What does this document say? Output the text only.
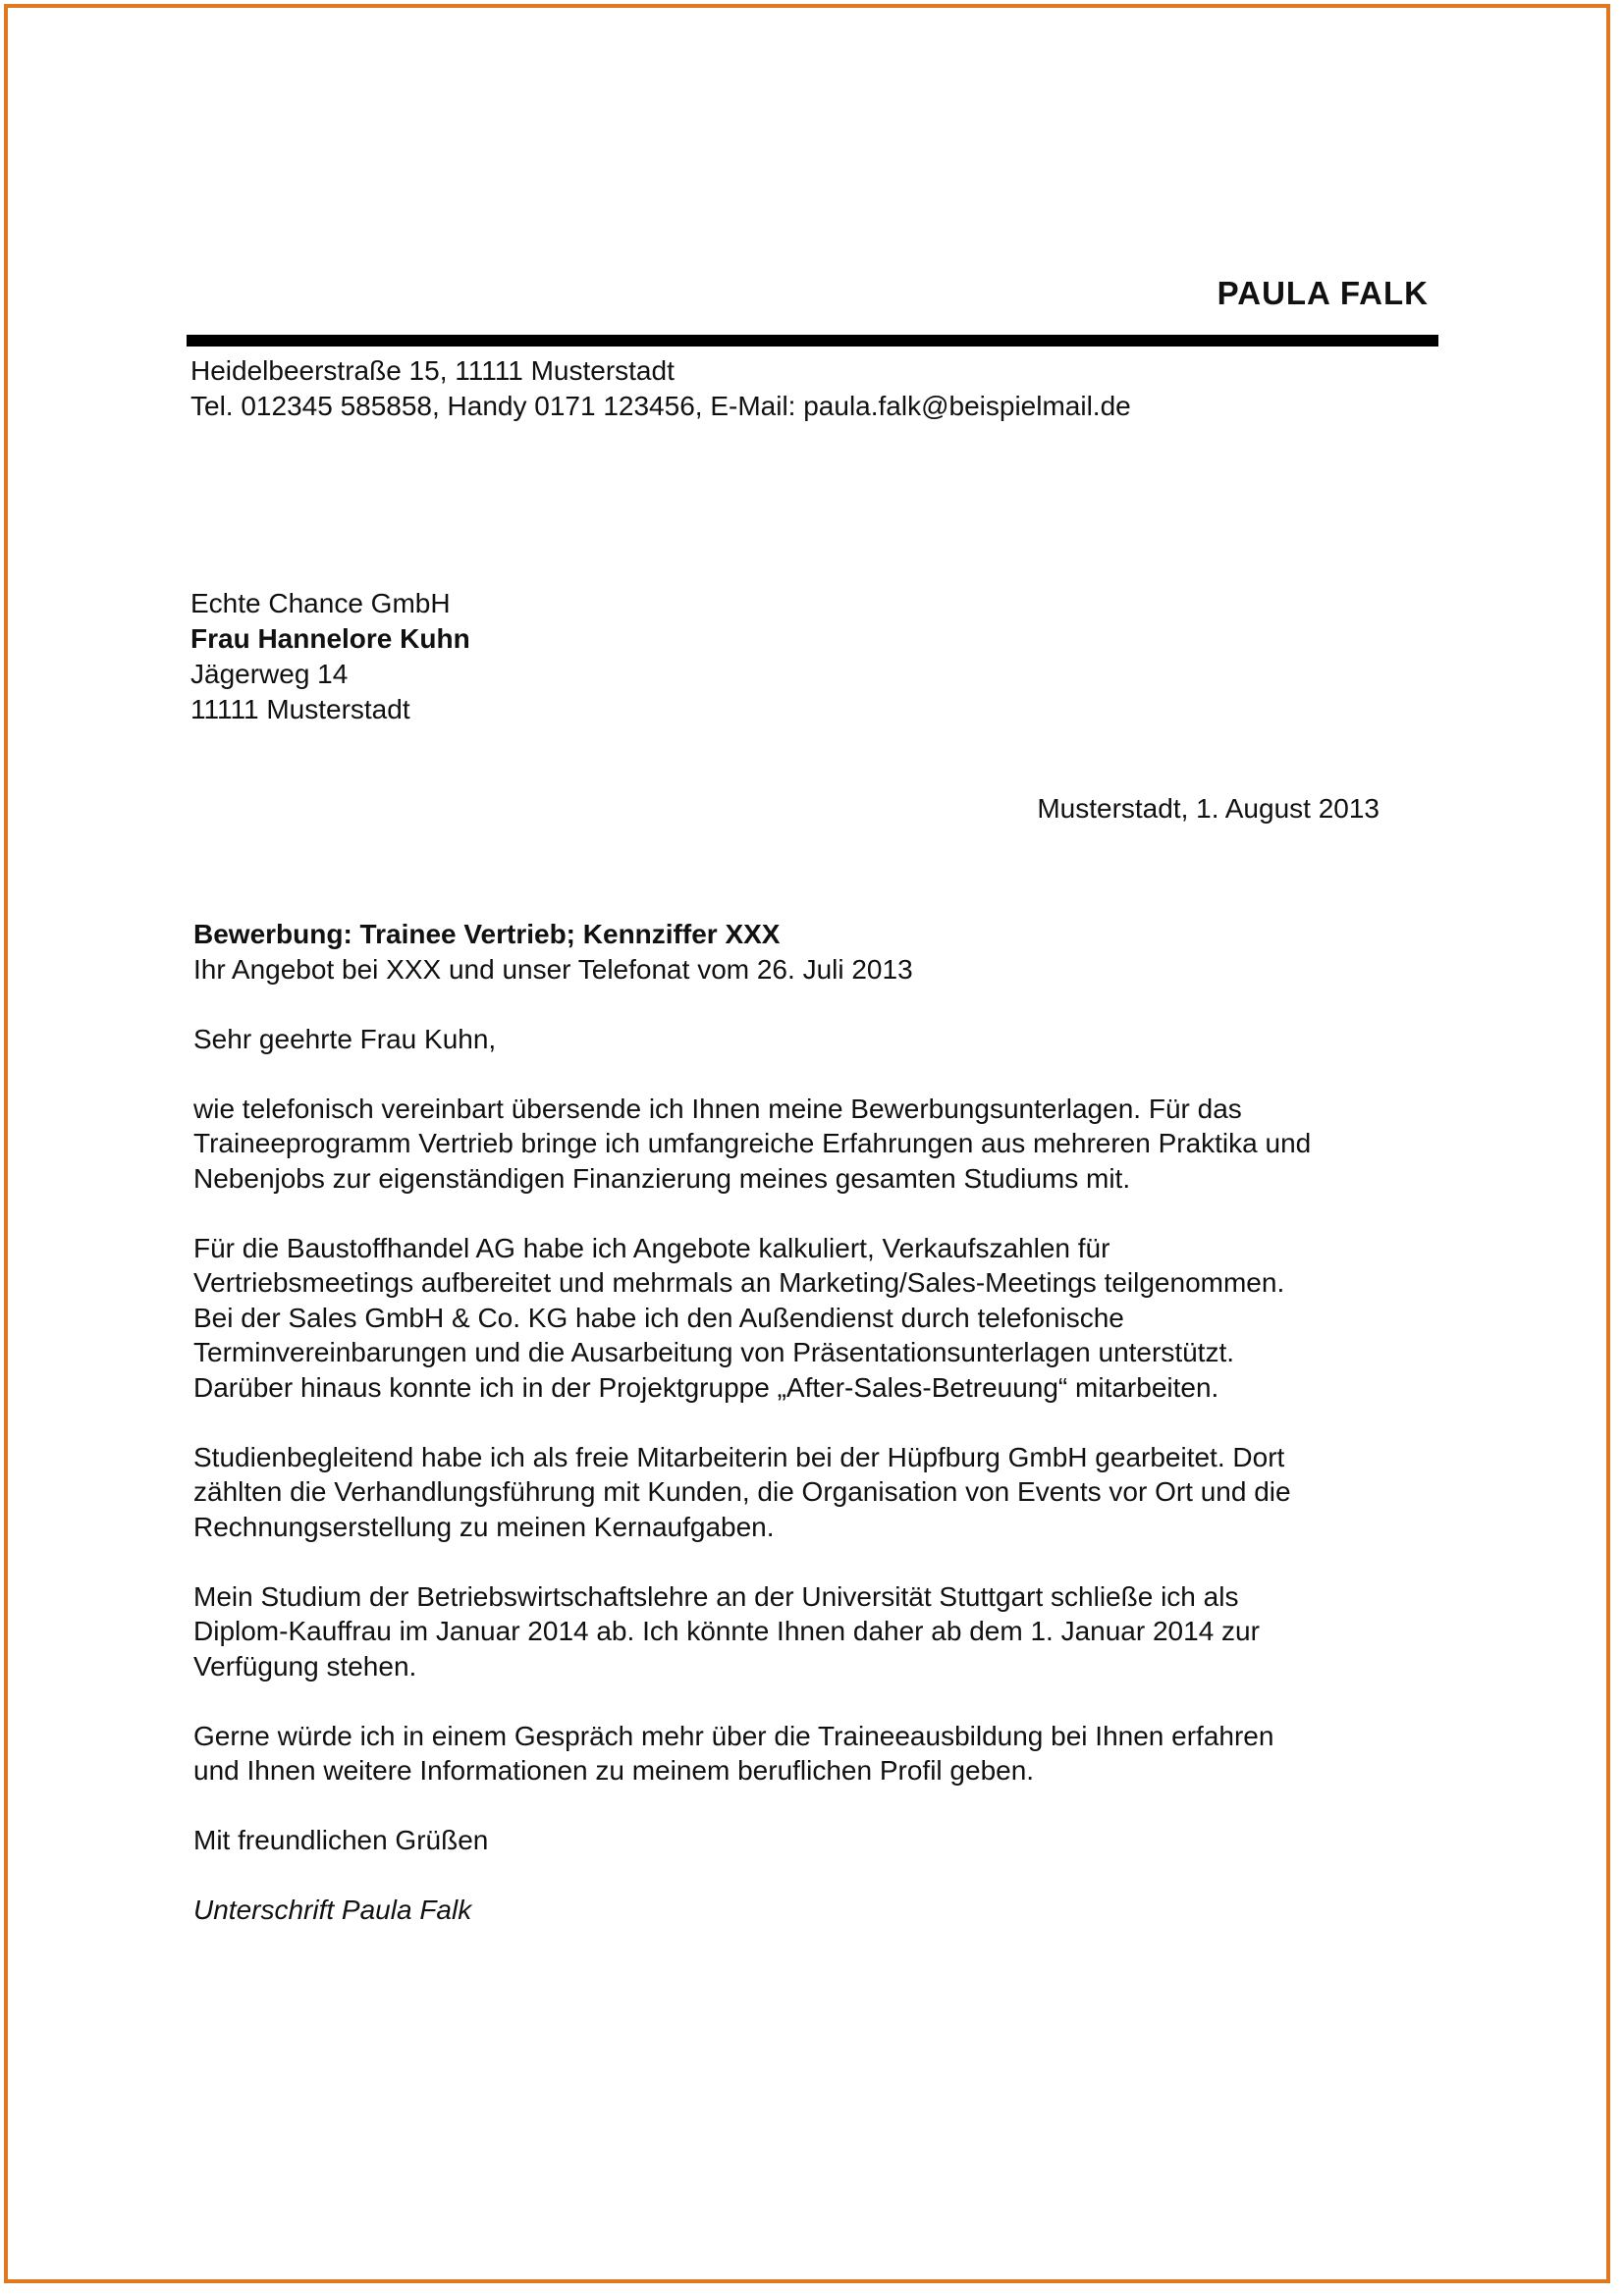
PAULA FALK
Heidelbeerstraße 15, 11111 Musterstadt
Tel. 012345 585858, Handy 0171 123456, E-Mail: paula.falk@beispielmail.de
Echte Chance GmbH
Frau Hannelore Kuhn
Jägerweg 14
11111 Musterstadt
Musterstadt, 1. August 2013
Bewerbung: Trainee Vertrieb; Kennziffer XXX
Ihr Angebot bei XXX und unser Telefonat vom 26. Juli 2013
Sehr geehrte Frau Kuhn,
wie telefonisch vereinbart übersende ich Ihnen meine Bewerbungsunterlagen. Für das
Traineeprogramm Vertrieb bringe ich umfangreiche Erfahrungen aus mehreren Praktika und
Nebenjobs zur eigenständigen Finanzierung meines gesamten Studiums mit.
Für die Baustoffhandel AG habe ich Angebote kalkuliert, Verkaufszahlen für
Vertriebsmeetings aufbereitet und mehrmals an Marketing/Sales-Meetings teilgenommen.
Bei der Sales GmbH & Co. KG habe ich den Außendienst durch telefonische
Terminvereinbarungen und die Ausarbeitung von Präsentationsunterlagen unterstützt.
Darüber hinaus konnte ich in der Projektgruppe „After-Sales-Betreuung“ mitarbeiten.
Studienbegleitend habe ich als freie Mitarbeiterin bei der Hüpfburg GmbH gearbeitet. Dort
zählten die Verhandlungsführung mit Kunden, die Organisation von Events vor Ort und die
Rechnungserstellung zu meinen Kernaufgaben.
Mein Studium der Betriebswirtschaftslehre an der Universität Stuttgart schließe ich als
Diplom-Kauffrau im Januar 2014 ab. Ich könnte Ihnen daher ab dem 1. Januar 2014 zur
Verfügung stehen.
Gerne würde ich in einem Gespräch mehr über die Traineeausbildung bei Ihnen erfahren
und Ihnen weitere Informationen zu meinem beruflichen Profil geben.
Mit freundlichen Grüßen
Unterschrift Paula Falk
